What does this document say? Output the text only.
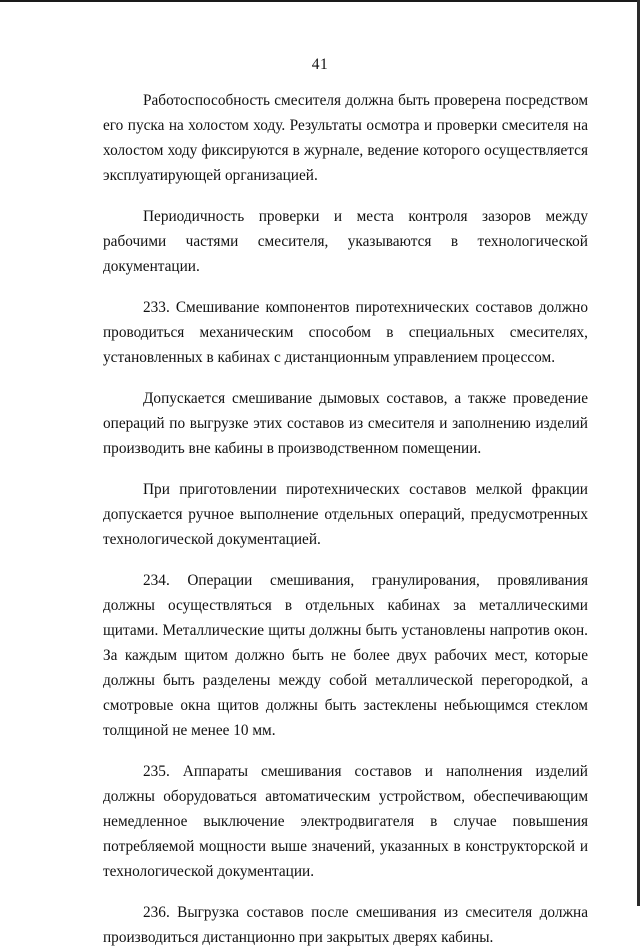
41

Работоспособность смесителя должна быть проверена посредством его пуска на холостом ходу. Результаты осмотра и проверки смесителя на холостом ходу фиксируются в журнале, ведение которого осуществляется эксплуатирующей организацией.

Периодичность проверки и места контроля зазоров между рабочими частями смесителя, указываются в технологической документации.

233. Смешивание компонентов пиротехнических составов должно проводиться механическим способом в специальных смесителях, установленных в кабинах с дистанционным управлением процессом.

Допускается смешивание дымовых составов, а также проведение операций по выгрузке этих составов из смесителя и заполнению изделий производить вне кабины в производственном помещении.

При приготовлении пиротехнических составов мелкой фракции допускается ручное выполнение отдельных операций, предусмотренных технологической документацией.

234. Операции смешивания, гранулирования, провяливания должны осуществляться в отдельных кабинах за металлическими щитами. Металлические щиты должны быть установлены напротив окон. За каждым щитом должно быть не более двух рабочих мест, которые должны быть разделены между собой металлической перегородкой, а смотровые окна щитов должны быть застеклены небьющимся стеклом толщиной не менее 10 мм.

235. Аппараты смешивания составов и наполнения изделий должны оборудоваться автоматическим устройством, обеспечивающим немедленное выключение электродвигателя в случае повышения потребляемой мощности выше значений, указанных в конструкторской и технологической документации.

236. Выгрузка составов после смешивания из смесителя должна производиться дистанционно при закрытых дверях кабины.
